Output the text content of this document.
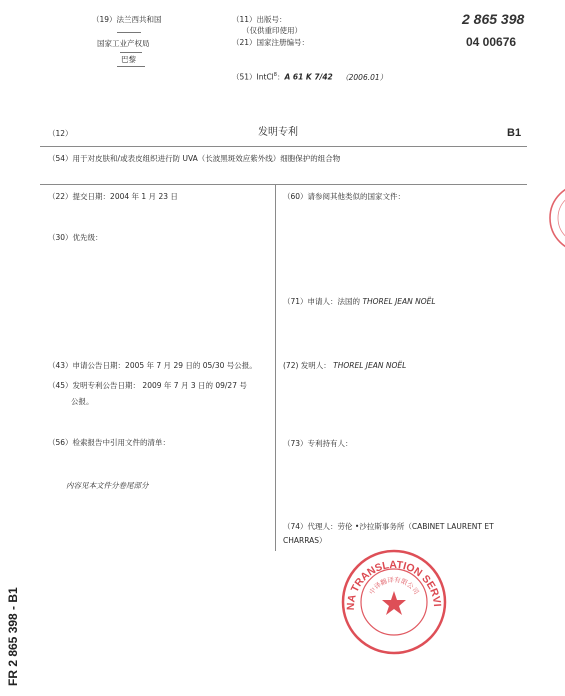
（19）法兰西共和国
国家工业产权局
巴黎
（11）出版号：
（仅供重印使用）
（21）国家注册编号：
2 865 398
04 00676
（51）IntCl$^8$：A 61 K 7/42 （2006.01）
（12）	发明专利	B1
（54）用于对皮肤和/或表皮组织进行防 UVA（长波黑斑效应紫外线）细胞保护的组合物
（22）提交日期：2004 年 1 月 23 日
（30）优先级：
（43）申请公告日期：2005 年 7 月 29 日的 05/30 号公报。
（45）发明专利公告日期： 2009 年 7 月 3 日的 09/27 号
公报。
（56）检索报告中引用文件的清单：
内容见本文件分卷尾部分
（60）请参阅其他类似的国家文件：
（71）申请人：法国的 THOREL JEAN NOËL
(72) 发明人： THOREL JEAN NOËL
（73）专利持有人：
（74）代理人：劳伦 •沙拉斯事务所（CABINET LAURENT ET
CHARRAS）
NA TRANSLATION SERVI
中译翻译有限公司
FR 2 865 398 - B1
